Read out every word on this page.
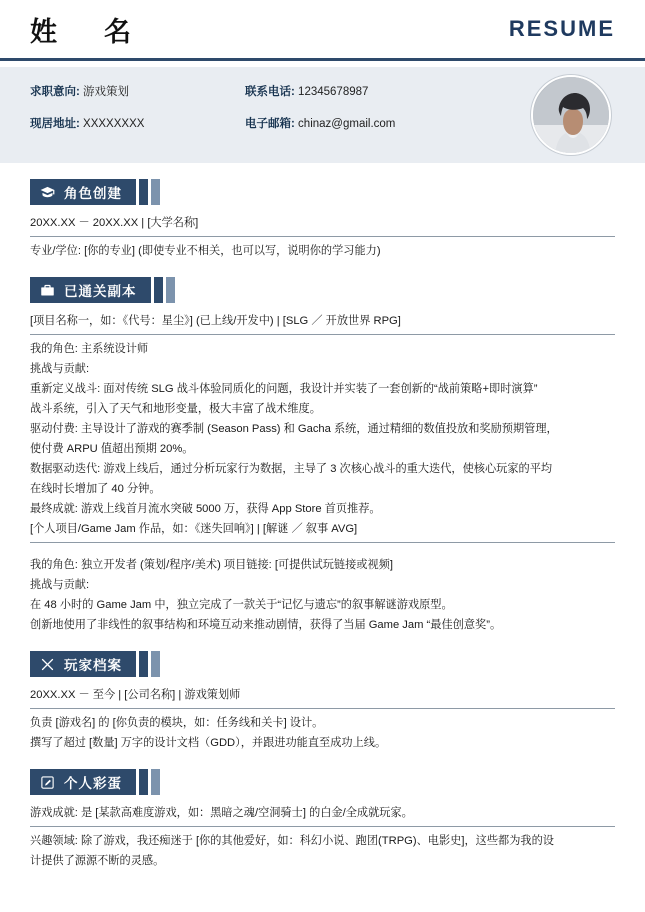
姓　名	RESUME
求职意向: 游戏策划	联系电话: 12345678987
现居地址: XXXXXXXX	电子邮箱: chinaz@gmail.com
角色创建

20XX.XX － 20XX.XX | [大学名称]

专业/学位: [你的专业] (即使专业不相关，也可以写，说明你的学习能力)

已通关副本

[项目名称一，如：《代号：星尘》] (已上线/开发中) | [SLG ／ 开放世界 RPG]

我的角色: 主系统设计师

挑战与贡献:

重新定义战斗: 面对传统 SLG 战斗体验同质化的问题，我设计并实装了一套创新的“战前策略+即时演算”

战斗系统，引入了天气和地形变量，极大丰富了战术维度。

驱动付费: 主导设计了游戏的赛季制 (Season Pass) 和 Gacha 系统，通过精细的数值投放和奖励预期管理，

使付费 ARPU 值超出预期 20%。

数据驱动迭代: 游戏上线后，通过分析玩家行为数据，主导了 3 次核心战斗的重大迭代，使核心玩家的平均

在线时长增加了 40 分钟。

最终成就: 游戏上线首月流水突破 5000 万，获得 App Store 首页推荐。

[个人项目/Game Jam 作品，如：《迷失回响》] | [解谜 ／ 叙事 AVG]

我的角色: 独立开发者 (策划/程序/美术) 项目链接: [可提供试玩链接或视频]

挑战与贡献:

在 48 小时的 Game Jam 中，独立完成了一款关于“记忆与遗忘”的叙事解谜游戏原型。

创新地使用了非线性的叙事结构和环境互动来推动剧情，获得了当届 Game Jam “最佳创意奖”。

玩家档案

20XX.XX － 至今 | [公司名称] | 游戏策划师

负责 [游戏名] 的 [你负责的模块，如：任务线和关卡] 设计。

撰写了超过 [数量] 万字的设计文档（GDD），并跟进功能直至成功上线。

个人彩蛋

游戏成就: 是 [某款高难度游戏，如：黑暗之魂/空洞骑士] 的白金/全成就玩家。

兴趣领域: 除了游戏，我还痴迷于 [你的其他爱好，如：科幻小说、跑团(TRPG)、电影史]，这些都为我的设

计提供了源源不断的灵感。
